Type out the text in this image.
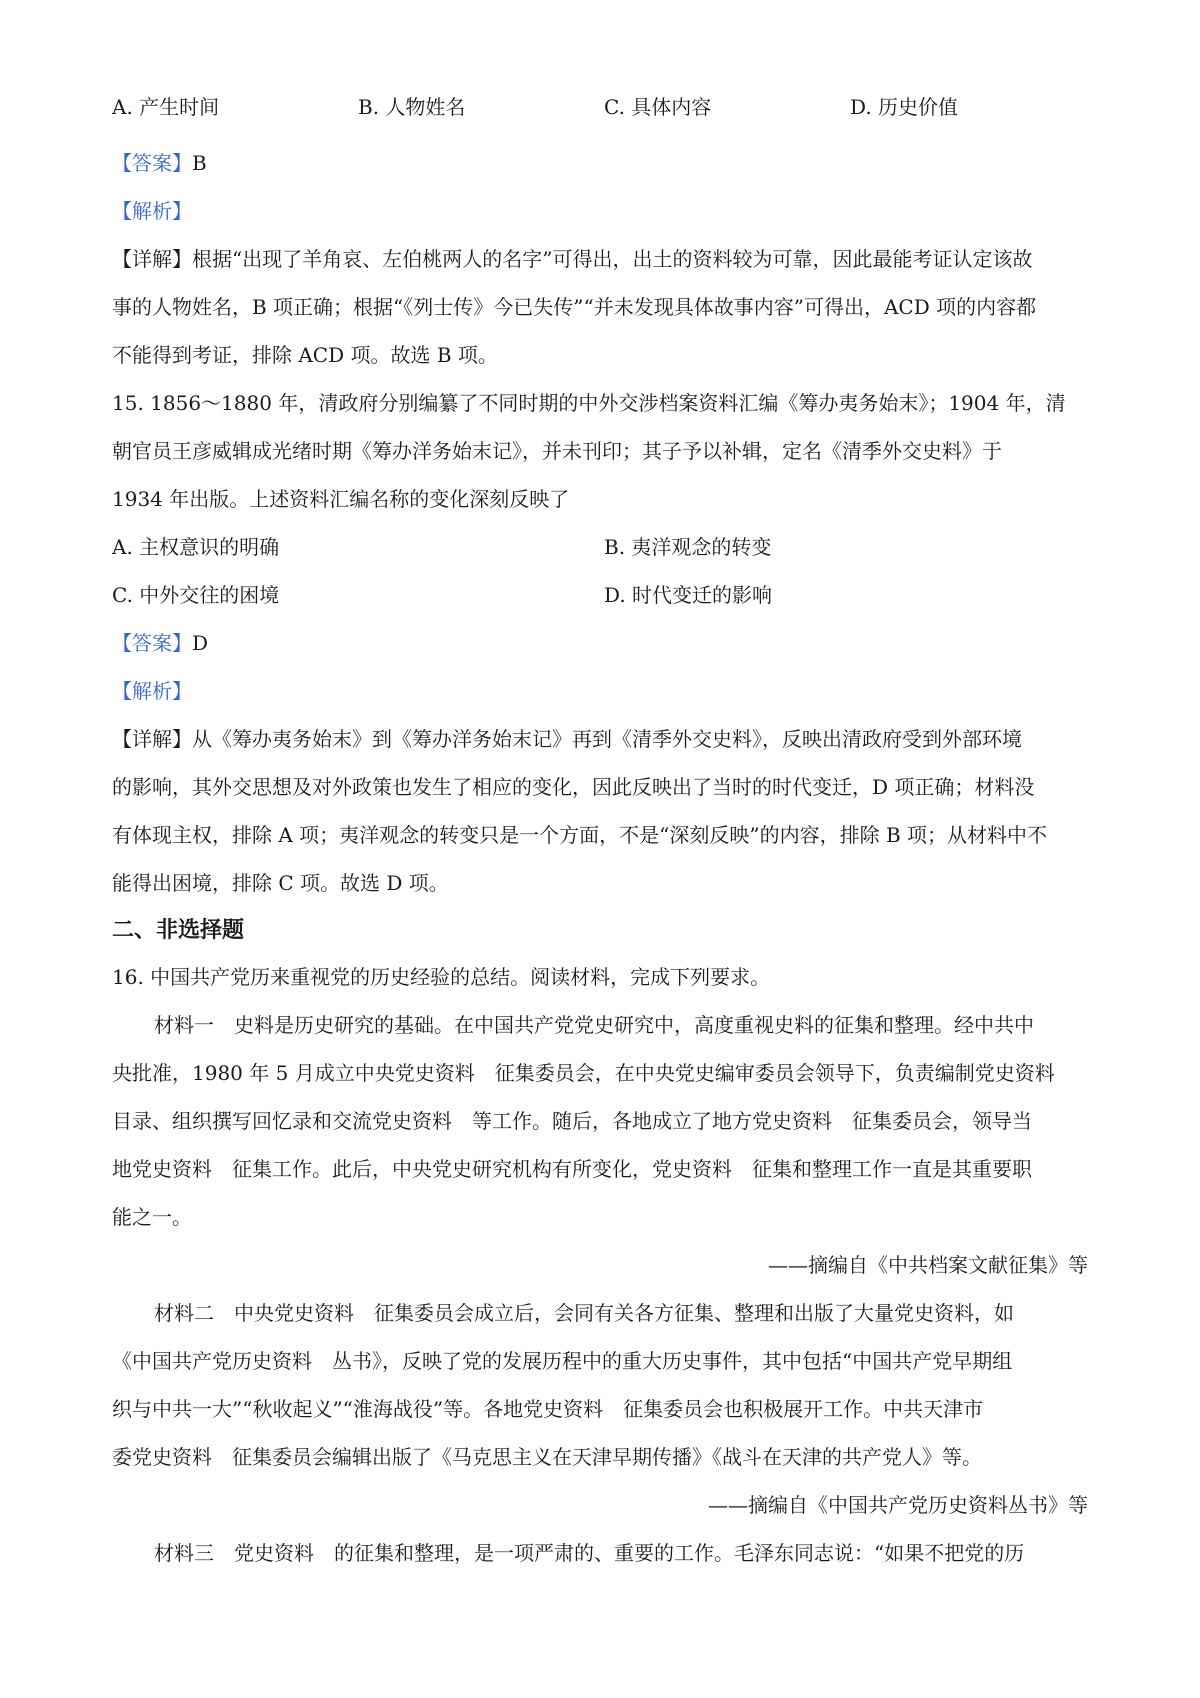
A. 产生时间	B. 人物姓名	C. 具体内容	D. 历史价值
【答案】B
【解析】
【详解】根据“出现了羊角哀、左伯桃两人的名字”可得出，出土的资料较为可靠，因此最能考证认定该故
事的人物姓名，B 项正确；根据“《列士传》今已失传”“并未发现具体故事内容”可得出，ACD 项的内容都
不能得到考证，排除 ACD 项。故选 B 项。
15. 1856～1880 年，清政府分别编纂了不同时期的中外交涉档案资料汇编《筹办夷务始末》；1904 年，清
朝官员王彦威辑成光绪时期《筹办洋务始末记》，并未刊印；其子予以补辑，定名《清季外交史料》于
1934 年出版。上述资料汇编名称的变化深刻反映了
A. 主权意识的明确	B. 夷洋观念的转变
C. 中外交往的困境	D. 时代变迁的影响
【答案】D
【解析】
【详解】从《筹办夷务始末》到《筹办洋务始末记》再到《清季外交史料》，反映出清政府受到外部环境
的影响，其外交思想及对外政策也发生了相应的变化，因此反映出了当时的时代变迁，D 项正确；材料没
有体现主权，排除 A 项；夷洋观念的转变只是一个方面，不是“深刻反映”的内容，排除 B 项；从材料中不
能得出困境，排除 C 项。故选 D 项。
二、非选择题
16. 中国共产党历来重视党的历史经验的总结。阅读材料，完成下列要求。
材料一　史料是历史研究的基础。在中国共产党党史研究中，高度重视史料的征集和整理。经中共中
央批准，1980 年 5 月成立中央党史资料　征集委员会，在中央党史编审委员会领导下，负责编制党史资料
目录、组织撰写回忆录和交流党史资料　等工作。随后，各地成立了地方党史资料　征集委员会，领导当
地党史资料　征集工作。此后，中央党史研究机构有所变化，党史资料　征集和整理工作一直是其重要职
能之一。
——摘编自《中共档案文献征集》等
材料二　中央党史资料　征集委员会成立后，会同有关各方征集、整理和出版了大量党史资料，如
《中国共产党历史资料　丛书》，反映了党的发展历程中的重大历史事件，其中包括“中国共产党早期组
织与中共一大”“秋收起义”“淮海战役”等。各地党史资料　征集委员会也积极展开工作。中共天津市
委党史资料　征集委员会编辑出版了《马克思主义在天津早期传播》《战斗在天津的共产党人》等。
——摘编自《中国共产党历史资料丛书》等
材料三　党史资料　的征集和整理，是一项严肃的、重要的工作。毛泽东同志说：“如果不把党的历
